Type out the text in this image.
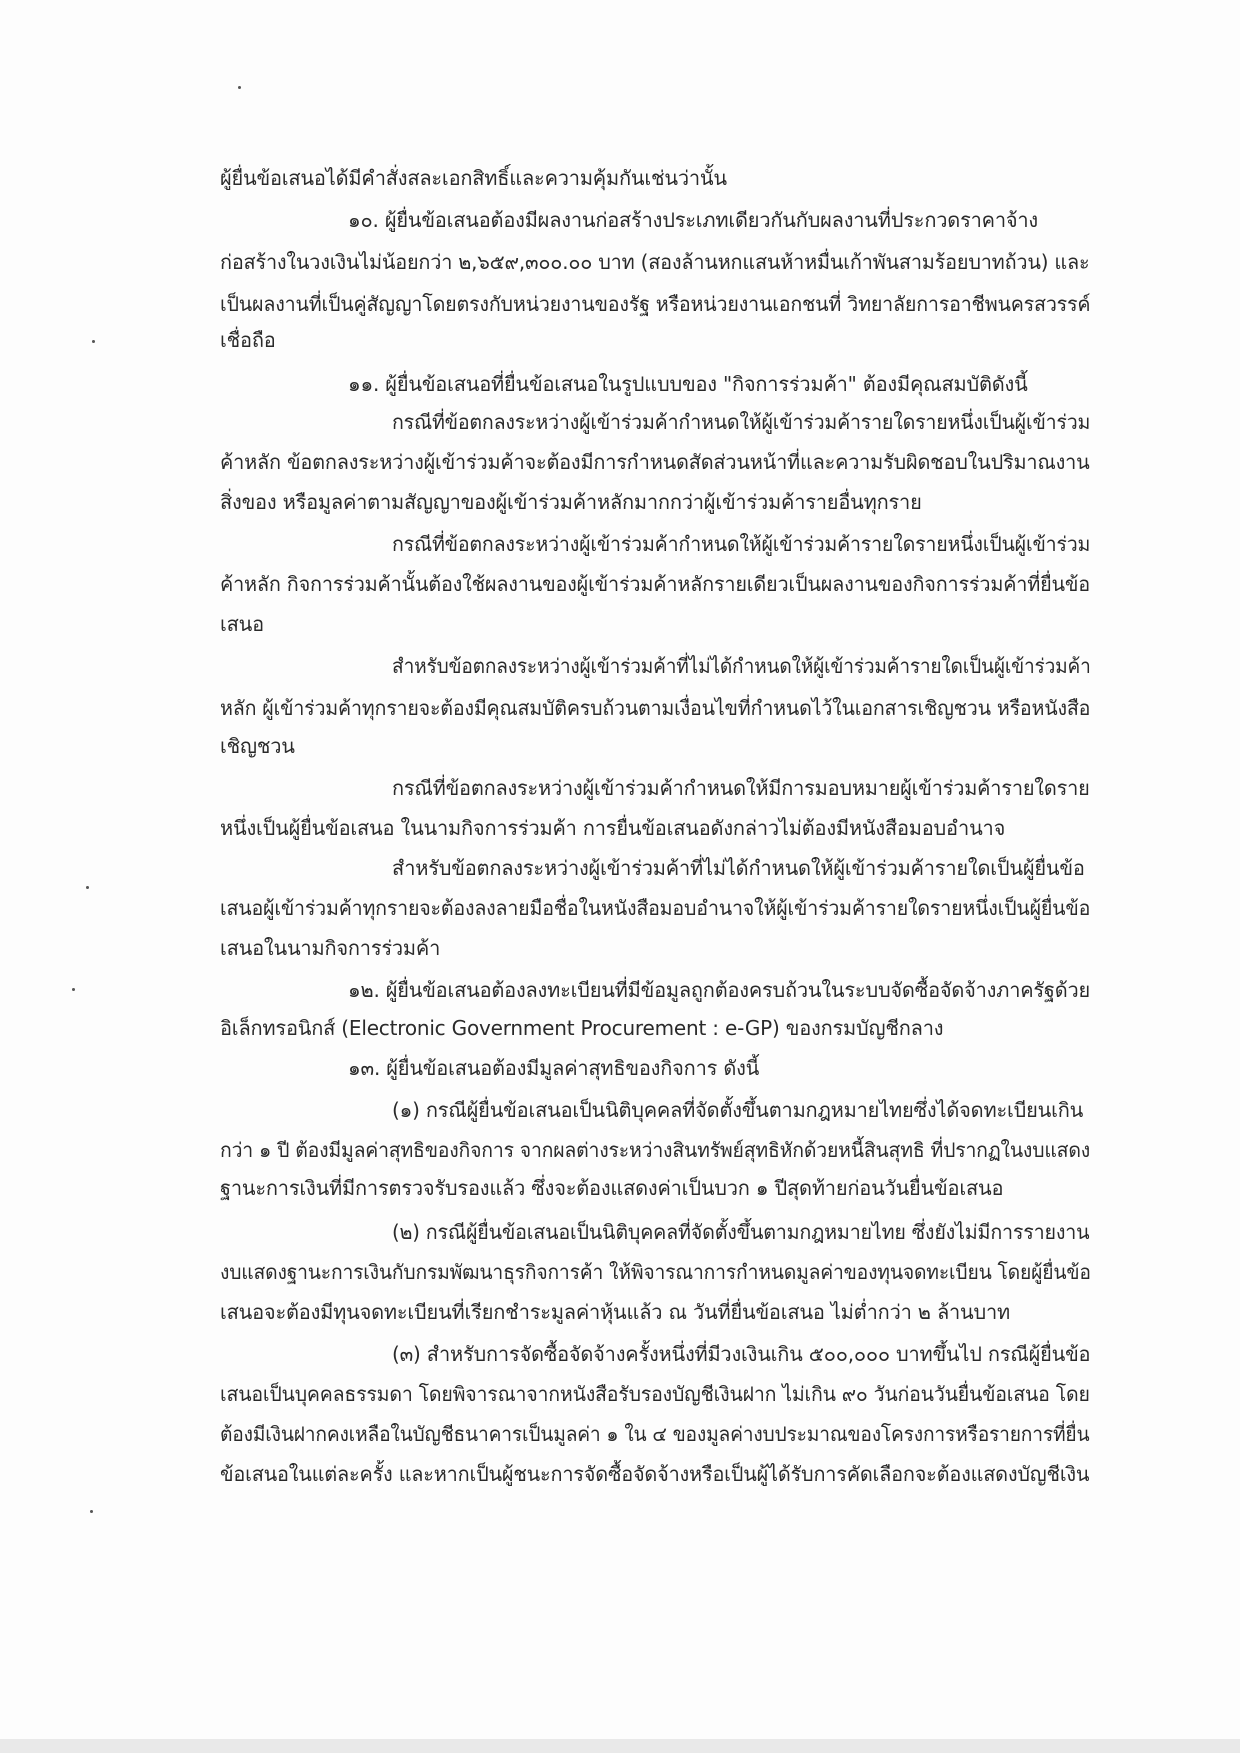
ผู้ยื่นข้อเสนอได้มีคำสั่งสละเอกสิทธิ์และความคุ้มกันเช่นว่านั้น
๑๐. ผู้ยื่นข้อเสนอต้องมีผลงานก่อสร้างประเภทเดียวกันกับผลงานที่ประกวดราคาจ้าง
ก่อสร้างในวงเงินไม่น้อยกว่า ๒,๖๕๙,๓๐๐.๐๐ บาท (สองล้านหกแสนห้าหมื่นเก้าพันสามร้อยบาทถ้วน) และ
เป็นผลงานที่เป็นคู่สัญญาโดยตรงกับหน่วยงานของรัฐ หรือหน่วยงานเอกชนที่ วิทยาลัยการอาชีพนครสวรรค์
เชื่อถือ
๑๑. ผู้ยื่นข้อเสนอที่ยื่นข้อเสนอในรูปแบบของ "กิจการร่วมค้า" ต้องมีคุณสมบัติดังนี้
กรณีที่ข้อตกลงระหว่างผู้เข้าร่วมค้ากำหนดให้ผู้เข้าร่วมค้ารายใดรายหนึ่งเป็นผู้เข้าร่วม
ค้าหลัก ข้อตกลงระหว่างผู้เข้าร่วมค้าจะต้องมีการกำหนดสัดส่วนหน้าที่และความรับผิดชอบในปริมาณงาน
สิ่งของ หรือมูลค่าตามสัญญาของผู้เข้าร่วมค้าหลักมากกว่าผู้เข้าร่วมค้ารายอื่นทุกราย
กรณีที่ข้อตกลงระหว่างผู้เข้าร่วมค้ากำหนดให้ผู้เข้าร่วมค้ารายใดรายหนึ่งเป็นผู้เข้าร่วม
ค้าหลัก กิจการร่วมค้านั้นต้องใช้ผลงานของผู้เข้าร่วมค้าหลักรายเดียวเป็นผลงานของกิจการร่วมค้าที่ยื่นข้อ
เสนอ
สำหรับข้อตกลงระหว่างผู้เข้าร่วมค้าที่ไม่ได้กำหนดให้ผู้เข้าร่วมค้ารายใดเป็นผู้เข้าร่วมค้า
หลัก ผู้เข้าร่วมค้าทุกรายจะต้องมีคุณสมบัติครบถ้วนตามเงื่อนไขที่กำหนดไว้ในเอกสารเชิญชวน หรือหนังสือ
เชิญชวน
กรณีที่ข้อตกลงระหว่างผู้เข้าร่วมค้ากำหนดให้มีการมอบหมายผู้เข้าร่วมค้ารายใดราย
หนึ่งเป็นผู้ยื่นข้อเสนอ ในนามกิจการร่วมค้า การยื่นข้อเสนอดังกล่าวไม่ต้องมีหนังสือมอบอำนาจ
สำหรับข้อตกลงระหว่างผู้เข้าร่วมค้าที่ไม่ได้กำหนดให้ผู้เข้าร่วมค้ารายใดเป็นผู้ยื่นข้อ
เสนอผู้เข้าร่วมค้าทุกรายจะต้องลงลายมือชื่อในหนังสือมอบอำนาจให้ผู้เข้าร่วมค้ารายใดรายหนึ่งเป็นผู้ยื่นข้อ
เสนอในนามกิจการร่วมค้า
๑๒. ผู้ยื่นข้อเสนอต้องลงทะเบียนที่มีข้อมูลถูกต้องครบถ้วนในระบบจัดซื้อจัดจ้างภาครัฐด้วย
อิเล็กทรอนิกส์ (Electronic Government Procurement : e-GP) ของกรมบัญชีกลาง
๑๓. ผู้ยื่นข้อเสนอต้องมีมูลค่าสุทธิของกิจการ ดังนี้
(๑) กรณีผู้ยื่นข้อเสนอเป็นนิติบุคคลที่จัดตั้งขึ้นตามกฎหมายไทยซึ่งได้จดทะเบียนเกิน
กว่า ๑ ปี ต้องมีมูลค่าสุทธิของกิจการ จากผลต่างระหว่างสินทรัพย์สุทธิหักด้วยหนี้สินสุทธิ ที่ปรากฏในงบแสดง
ฐานะการเงินที่มีการตรวจรับรองแล้ว ซึ่งจะต้องแสดงค่าเป็นบวก ๑ ปีสุดท้ายก่อนวันยื่นข้อเสนอ
(๒) กรณีผู้ยื่นข้อเสนอเป็นนิติบุคคลที่จัดตั้งขึ้นตามกฎหมายไทย ซึ่งยังไม่มีการรายงาน
งบแสดงฐานะการเงินกับกรมพัฒนาธุรกิจการค้า ให้พิจารณาการกำหนดมูลค่าของทุนจดทะเบียน โดยผู้ยื่นข้อ
เสนอจะต้องมีทุนจดทะเบียนที่เรียกชำระมูลค่าหุ้นแล้ว ณ วันที่ยื่นข้อเสนอ ไม่ต่ำกว่า ๒ ล้านบาท
(๓) สำหรับการจัดซื้อจัดจ้างครั้งหนึ่งที่มีวงเงินเกิน ๕๐๐,๐๐๐ บาทขึ้นไป กรณีผู้ยื่นข้อ
เสนอเป็นบุคคลธรรมดา โดยพิจารณาจากหนังสือรับรองบัญชีเงินฝาก ไม่เกิน ๙๐ วันก่อนวันยื่นข้อเสนอ โดย
ต้องมีเงินฝากคงเหลือในบัญชีธนาคารเป็นมูลค่า ๑ ใน ๔ ของมูลค่างบประมาณของโครงการหรือรายการที่ยื่น
ข้อเสนอในแต่ละครั้ง และหากเป็นผู้ชนะการจัดซื้อจัดจ้างหรือเป็นผู้ได้รับการคัดเลือกจะต้องแสดงบัญชีเงิน
